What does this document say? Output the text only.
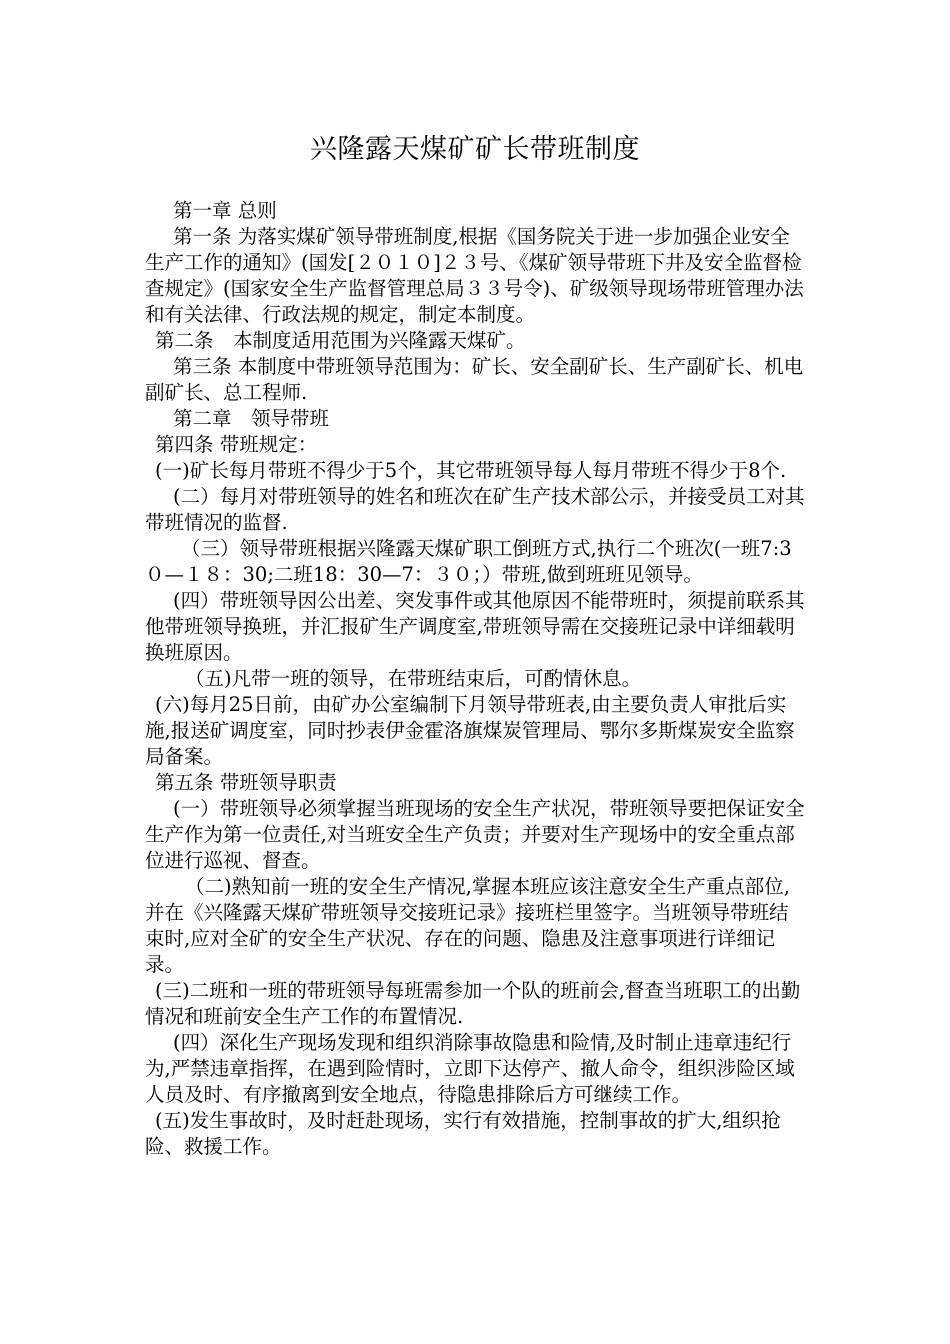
兴隆露天煤矿矿长带班制度

第一章 总则

第一条 为落实煤矿领导带班制度,根据《国务院关于进一步加强企业安全生产工作的通知》(国发[２０１０]２３号、《煤矿领导带班下井及安全监督检查规定》(国家安全生产监督管理总局３３号令)、矿级领导现场带班管理办法和有关法律、行政法规的规定，制定本制度。

第二条　本制度适用范围为兴隆露天煤矿。

第三条 本制度中带班领导范围为：矿长、安全副矿长、生产副矿长、机电副矿长、总工程师.

第二章　领导带班

第四条 带班规定：

(一)矿长每月带班不得少于5个，其它带班领导每人每月带班不得少于8个.

(二）每月对带班领导的姓名和班次在矿生产技术部公示，并接受员工对其带班情况的监督.

（三）领导带班根据兴隆露天煤矿职工倒班方式,执行二个班次(一班7:3０—１８：30;二班18：30—7：３０；）带班,做到班班见领导。

(四）带班领导因公出差、突发事件或其他原因不能带班时，须提前联系其他带班领导换班，并汇报矿生产调度室,带班领导需在交接班记录中详细载明换班原因。

（五)凡带一班的领导，在带班结束后，可酌情休息。

(六)每月25日前，由矿办公室编制下月领导带班表,由主要负责人审批后实施,报送矿调度室，同时抄表伊金霍洛旗煤炭管理局、鄂尔多斯煤炭安全监察局备案。

第五条 带班领导职责

(一）带班领导必须掌握当班现场的安全生产状况，带班领导要把保证安全生产作为第一位责任,对当班安全生产负责；并要对生产现场中的安全重点部位进行巡视、督查。

（二)熟知前一班的安全生产情况,掌握本班应该注意安全生产重点部位,并在《兴隆露天煤矿带班领导交接班记录》接班栏里签字。当班领导带班结束时,应对全矿的安全生产状况、存在的问题、隐患及注意事项进行详细记录。

(三)二班和一班的带班领导每班需参加一个队的班前会,督查当班职工的出勤情况和班前安全生产工作的布置情况.

(四）深化生产现场发现和组织消除事故隐患和险情,及时制止违章违纪行为,严禁违章指挥，在遇到险情时，立即下达停产、撤人命令，组织涉险区域人员及时、有序撤离到安全地点，待隐患排除后方可继续工作。

(五)发生事故时，及时赶赴现场，实行有效措施，控制事故的扩大,组织抢险、救援工作。
